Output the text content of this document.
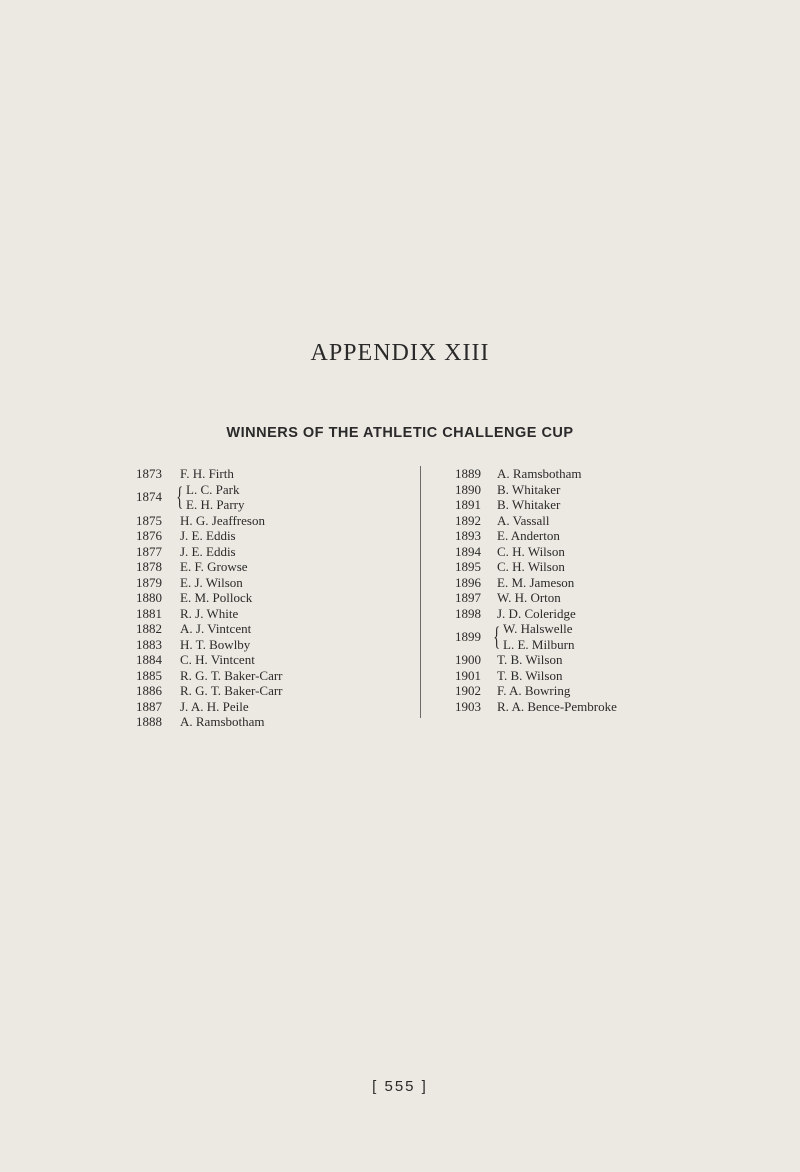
APPENDIX XIII
WINNERS OF THE ATHLETIC CHALLENGE CUP
1873	F. H. Firth
1874 { L. C. Park
E. H. Parry
1875	H. G. Jeaffreson
1876	J. E. Eddis
1877	J. E. Eddis
1878	E. F. Growse
1879	E. J. Wilson
1880	E. M. Pollock
1881	R. J. White
1882	A. J. Vintcent
1883	H. T. Bowlby
1884	C. H. Vintcent
1885	R. G. T. Baker-Carr
1886	R. G. T. Baker-Carr
1887	J. A. H. Peile
1888	A. Ramsbotham
1889	A. Ramsbotham
1890	B. Whitaker
1891	B. Whitaker
1892	A. Vassall
1893	E. Anderton
1894	C. H. Wilson
1895	C. H. Wilson
1896	E. M. Jameson
1897	W. H. Orton
1898	J. D. Coleridge
1899 { W. Halswelle
L. E. Milburn
1900	T. B. Wilson
1901	T. B. Wilson
1902	F. A. Bowring
1903	R. A. Bence-Pembroke
[ 555 ]
